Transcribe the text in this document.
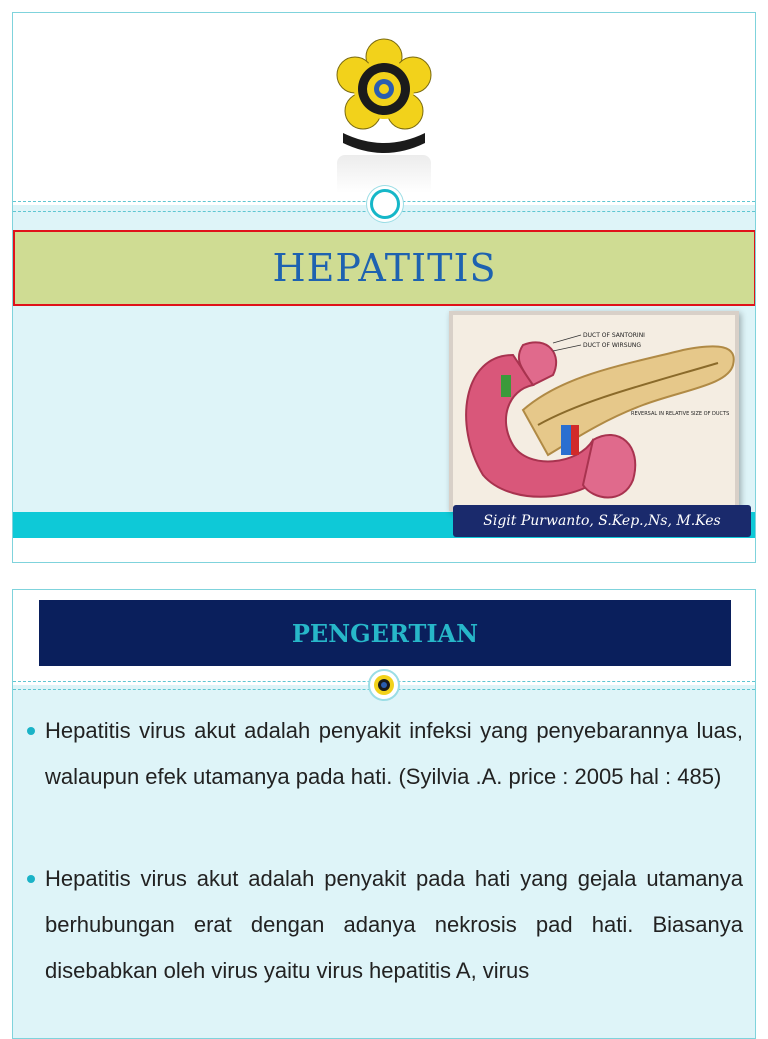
HEPATITIS
DUCT OF SANTORINI
DUCT OF WIRSUNG
REVERSAL IN RELATIVE SIZE OF DUCTS
Sigit Purwanto, S.Kep.,Ns, M.Kes
PENGERTIAN
Hepatitis virus akut adalah penyakit infeksi yang penyebarannya luas, walaupun efek utamanya pada hati. (Syilvia .A. price : 2005 hal : 485)
Hepatitis virus akut adalah penyakit pada hati yang gejala utamanya berhubungan erat dengan adanya nekrosis pad hati. Biasanya disebabkan oleh virus yaitu virus hepatitis A, virus
